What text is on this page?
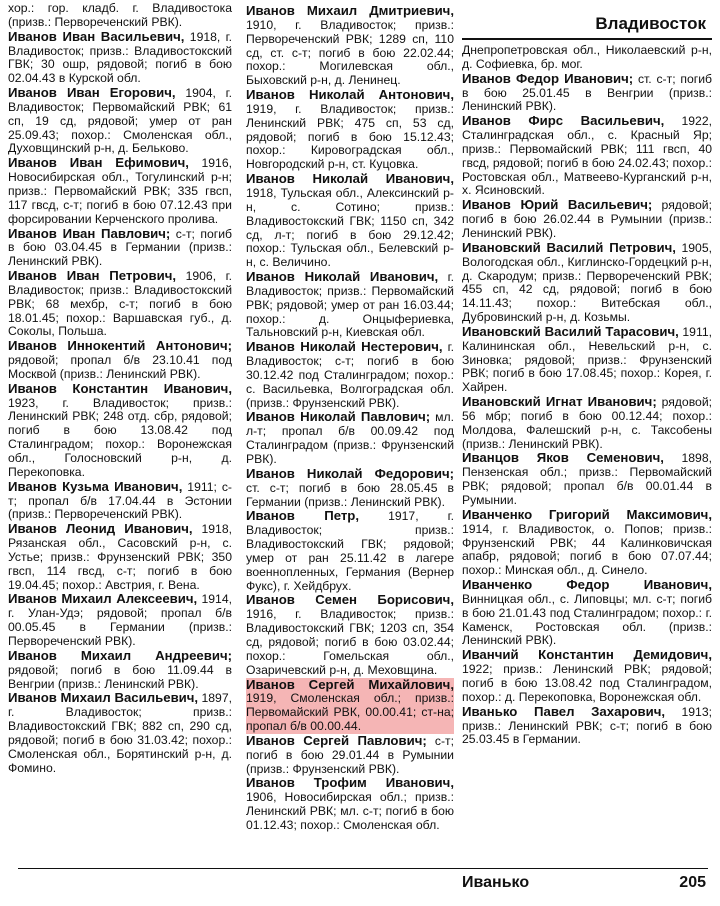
Владивосток

хор.: гор. кладб. г. Владивостока (призв.: Первореченский РВК).

Иванов Иван Васильевич, 1918, г. Владивосток; призв.: Владивостокский ГВК; 30 ошр, рядовой; погиб в бою 02.04.43 в Курской обл.

Иванов Иван Егорович, 1904, г. Владивосток; Первомайский РВК; 61 сп, 19 сд, рядовой; умер от ран 25.09.43; похор.: Смоленская обл., Духовщинский р-н, д. Бельково.

Иванов Иван Ефимович, 1916, Новосибирская обл., Тогулинский р-н; призв.: Первомайский РВК; 335 гвсп, 117 гвсд, с-т; погиб в бою 07.12.43 при форсировании Керченского пролива.

Иванов Иван Павлович; с-т; погиб в бою 03.04.45 в Германии (призв.: Ленинский РВК).

Иванов Иван Петрович, 1906, г. Владивосток; призв.: Владивостокский РВК; 68 мехбр, с-т; погиб в бою 18.01.45; похор.: Варшавская губ., д. Соколы, Польша.

Иванов Иннокентий Антонович; рядовой; пропал б/в 23.10.41 под Москвой (призв.: Ленинский РВК).

Иванов Константин Иванович, 1923, г. Владивосток; призв.: Ленинский РВК; 248 отд. сбр, рядовой; погиб в бою 13.08.42 под Сталинградом; похор.: Воронежская обл., Голосновский р-н, д. Перекоповка.

Иванов Кузьма Иванович, 1911; с-т; пропал б/в 17.04.44 в Эстонии (призв.: Первореченский РВК).

Иванов Леонид Иванович, 1918, Рязанская обл., Сасовский р-н, с. Устье; призв.: Фрунзенский РВК; 350 гвсп, 114 гвсд, с-т; погиб в бою 19.04.45; похор.: Австрия, г. Вена.

Иванов Михаил Алексеевич, 1914, г. Улан-Удэ; рядовой; пропал б/в 00.05.45 в Германии (призв.: Первореченский РВК).

Иванов Михаил Андреевич; рядовой; погиб в бою 11.09.44 в Венгрии (призв.: Ленинский РВК).

Иванов Михаил Васильевич, 1897, г. Владивосток; призв.: Владивостокский ГВК; 882 сп, 290 сд, рядовой; погиб в бою 31.03.42; похор.: Смоленская обл., Борятинский р-н, д. Фомино.

Иванов Михаил Дмитриевич, 1910, г. Владивосток; призв.: Первореченский РВК; 1289 сп, 110 сд, ст. с-т; погиб в бою 22.02.44; похор.: Могилевская обл., Быховский р-н, д. Ленинец.

Иванов Николай Антонович, 1919, г. Владивосток; призв.: Ленинский РВК; 475 сп, 53 сд, рядовой; погиб в бою 15.12.43; похор.: Кировоградская обл., Новгородский р-н, ст. Куцовка.

Иванов Николай Иванович, 1918, Тульская обл., Алексинский р-н, с. Сотино; призв.: Владивостокский ГВК; 1150 сп, 342 сд, л-т; погиб в бою 29.12.42; похор.: Тульская обл., Белевский р-н, с. Величино.

Иванов Николай Иванович, г. Владивосток; призв.: Первомайский РВК; рядовой; умер от ран 16.03.44; похор.: д. Онцыфериевка, Тальновский р-н, Киевская обл.

Иванов Николай Нестерович, г. Владивосток; с-т; погиб в бою 30.12.42 под Сталинградом; похор.: с. Васильевка, Волгоградская обл. (призв.: Фрунзенский РВК).

Иванов Николай Павлович; мл. л-т; пропал б/в 00.09.42 под Сталинградом (призв.: Фрунзенский РВК).

Иванов Николай Федорович; ст. с-т; погиб в бою 28.05.45 в Германии (призв.: Ленинский РВК).

Иванов Петр, 1917, г. Владивосток; призв.: Владивостокский ГВК; рядовой; умер от ран 25.11.42 в лагере военнопленных, Германия (Вернер Фукс), г. Хейдбрух.

Иванов Семен Борисович, 1916, г. Владивосток; призв.: Владивостокский ГВК; 1203 сп, 354 сд, рядовой; погиб в бою 03.02.44; похор.: Гомельская обл., Озаричевский р-н, д. Меховщина.

Иванов Сергей Михайлович, 1919, Смоленская обл.; призв.: Первомайский РВК, 00.00.41; ст-на; пропал б/в 00.00.44.

Иванов Сергей Павлович; с-т; погиб в бою 29.01.44 в Румынии (призв.: Фрунзенский РВК).

Иванов Трофим Иванович, 1906, Новосибирская обл.; призв.: Ленинский РВК; мл. с-т; погиб в бою 01.12.43; похор.: Смоленская обл.

Днепропетровская обл., Николаевский р-н, д. Софиевка, бр. мог.

Иванов Федор Иванович; ст. с-т; погиб в бою 25.01.45 в Венгрии (призв.: Ленинский РВК).

Иванов Фирс Васильевич, 1922, Сталинградская обл., с. Красный Яр; призв.: Первомайский РВК; 111 гвсп, 40 гвсд, рядовой; погиб в бою 24.02.43; похор.: Ростовская обл., Матвеево-Курганский р-н, х. Ясиновский.

Иванов Юрий Васильевич; рядовой; погиб в бою 26.02.44 в Румынии (призв.: Ленинский РВК).

Ивановский Василий Петрович, 1905, Вологодская обл., Киглинско-Гордецкий р-н, д. Скародум; призв.: Первореченский РВК; 455 сп, 42 сд, рядовой; погиб в бою 14.11.43; похор.: Витебская обл., Дубровинский р-н, д. Козьмы.

Ивановский Василий Тарасович, 1911, Калининская обл., Невельский р-н, с. Зиновка; рядовой; призв.: Фрунзенский РВК; погиб в бою 17.08.45; похор.: Корея, г. Хайрен.

Ивановский Игнат Иванович; рядовой; 56 мбр; погиб в бою 00.12.44; похор.: Молдова, Фалешский р-н, с. Таксобены (призв.: Ленинский РВК).

Иванцов Яков Семенович, 1898, Пензенская обл.; призв.: Первомайский РВК; рядовой; пропал б/в 00.01.44 в Румынии.

Иванченко Григорий Максимович, 1914, г. Владивосток, о. Попов; призв.: Фрунзенский РВК; 44 Калинковичская апабр, рядовой; погиб в бою 07.07.44; похор.: Минская обл., д. Синело.

Иванченко Федор Иванович, Винницкая обл., с. Липовцы; мл. с-т; погиб в бою 21.01.43 под Сталинградом; похор.: г. Каменск, Ростовская обл. (призв.: Ленинский РВК).

Иванчий Константин Демидович, 1922; призв.: Ленинский РВК; рядовой; погиб в бою 13.08.42 под Сталинградом, похор.: д. Перекоповка, Воронежская обл.

Иванько Павел Захарович, 1913; призв.: Ленинский РВК; с-т; погиб в бою 25.03.45 в Германии.

Иванько	205
